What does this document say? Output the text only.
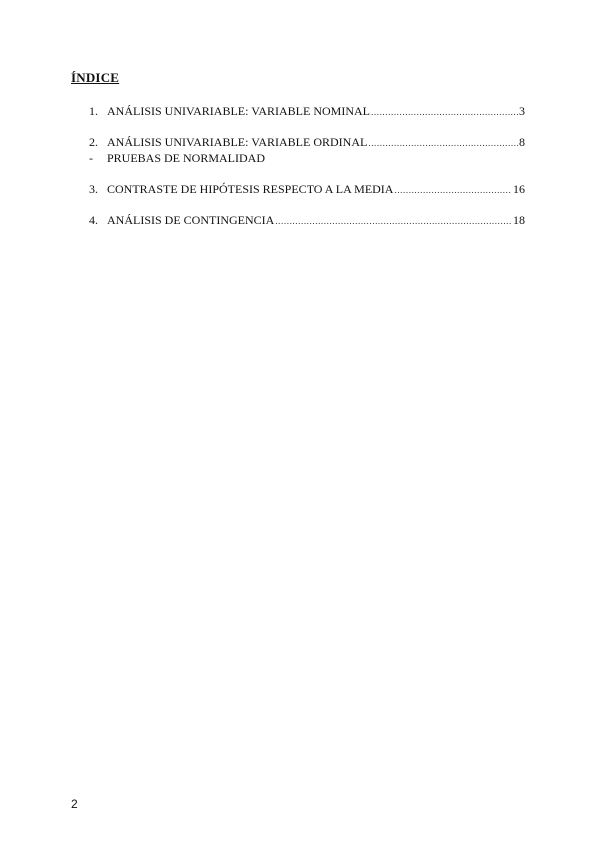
ÍNDICE
1. ANÁLISIS UNIVARIABLE: VARIABLE NOMINAL .....	3
2. ANÁLISIS UNIVARIABLE: VARIABLE ORDINAL .....	8
-	PRUEBAS DE NORMALIDAD
3. CONTRASTE DE HIPÓTESIS RESPECTO A LA MEDIA .....	16
4. ANÁLISIS DE CONTINGENCIA .....	18
2
